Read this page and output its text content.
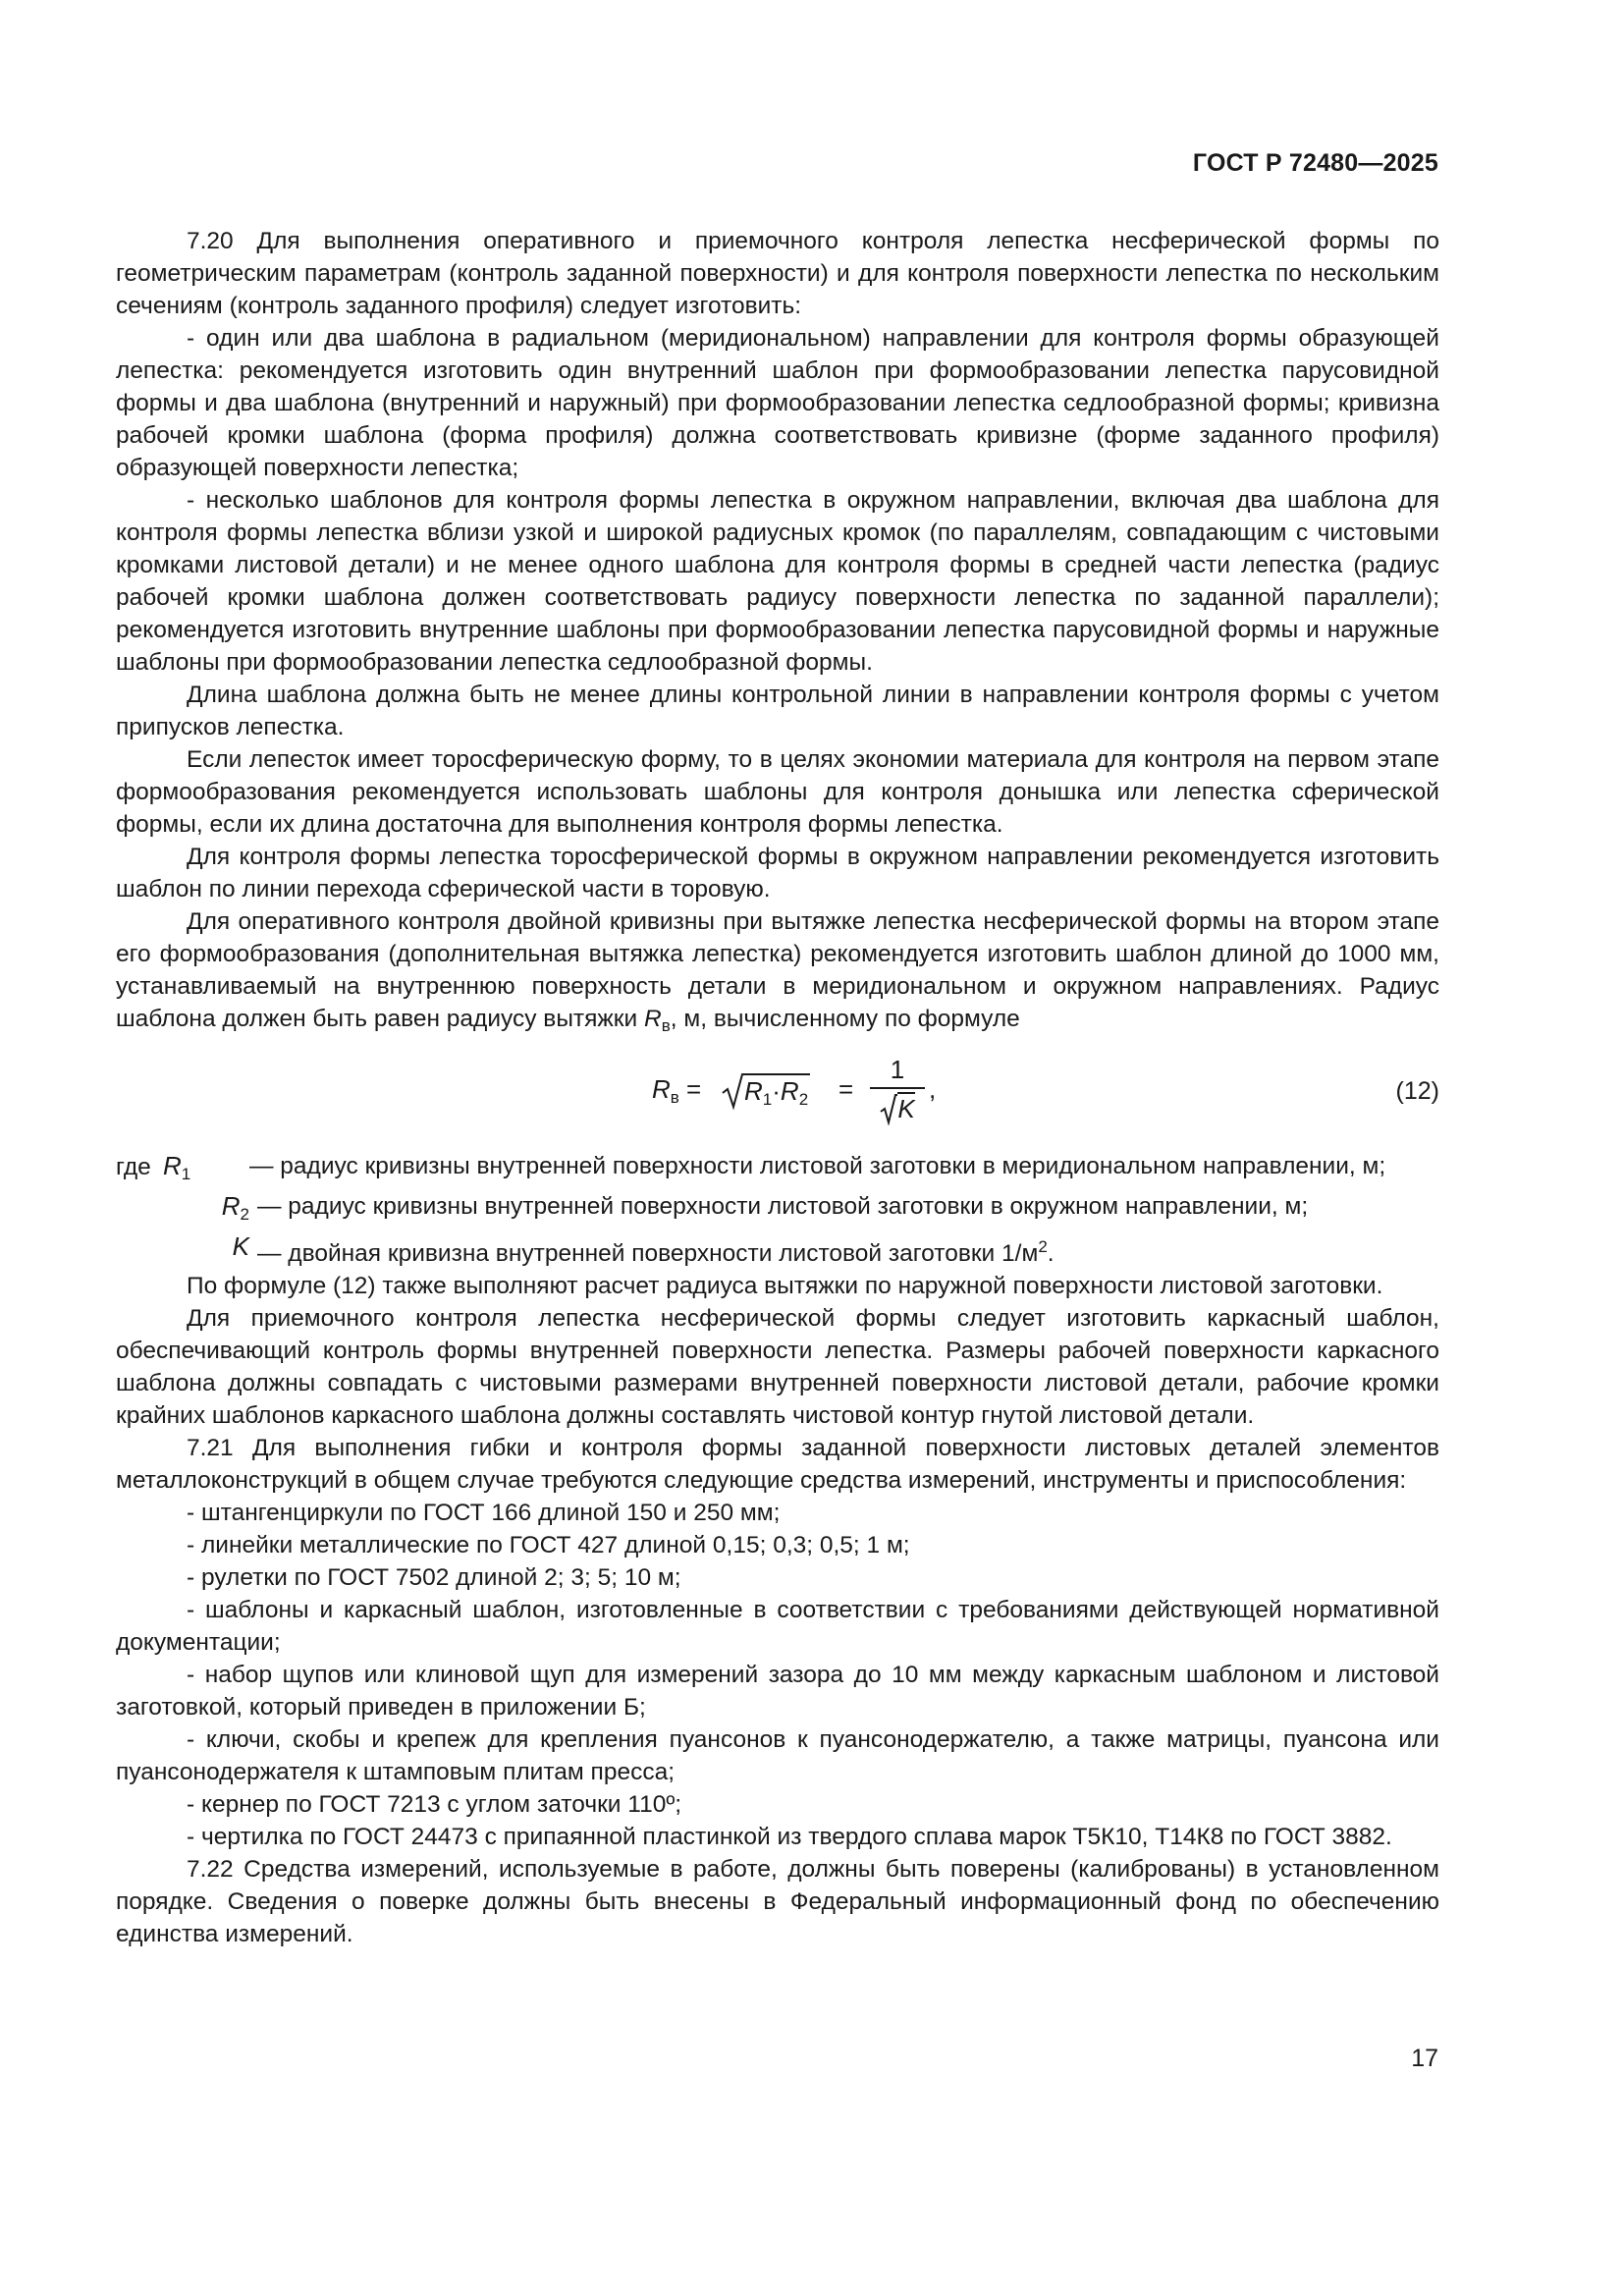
ГОСТ Р 72480—2025

7.20 Для выполнения оперативного и приемочного контроля лепестка несферической формы по геометрическим параметрам (контроль заданной поверхности) и для контроля поверхности лепестка по нескольким сечениям (контроль заданного профиля) следует изготовить:

- один или два шаблона в радиальном (меридиональном) направлении для контроля формы образующей лепестка: рекомендуется изготовить один внутренний шаблон при формообразовании лепестка парусовидной формы и два шаблона (внутренний и наружный) при формообразовании лепестка седлообразной формы; кривизна рабочей кромки шаблона (форма профиля) должна соответствовать кривизне (форме заданного профиля) образующей поверхности лепестка;

- несколько шаблонов для контроля формы лепестка в окружном направлении, включая два шаблона для контроля формы лепестка вблизи узкой и широкой радиусных кромок (по параллелям, совпадающим с чистовыми кромками листовой детали) и не менее одного шаблона для контроля формы в средней части лепестка (радиус рабочей кромки шаблона должен соответствовать радиусу поверхности лепестка по заданной параллели); рекомендуется изготовить внутренние шаблоны при формообразовании лепестка парусовидной формы и наружные шаблоны при формообразовании лепестка седлообразной формы.

Длина шаблона должна быть не менее длины контрольной линии в направлении контроля формы с учетом припусков лепестка.

Если лепесток имеет торосферическую форму, то в целях экономии материала для контроля на первом этапе формообразования рекомендуется использовать шаблоны для контроля донышка или лепестка сферической формы, если их длина достаточна для выполнения контроля формы лепестка.

Для контроля формы лепестка торосферической формы в окружном направлении рекомендуется изготовить шаблон по линии перехода сферической части в торовую.

Для оперативного контроля двойной кривизны при вытяжке лепестка несферической формы на втором этапе его формообразования (дополнительная вытяжка лепестка) рекомендуется изготовить шаблон длиной до 1000 мм, устанавливаемый на внутреннюю поверхность детали в меридиональном и окружном направлениях. Радиус шаблона должен быть равен радиусу вытяжки $R_в$, м, вычисленному по формуле

$R_в = R_1\cdot R_2$ =
1
K
,	(12)
где $R_1$	— радиус кривизны внутренней поверхности листовой заготовки в меридиональном направлении, м;
$R_2$ — радиус кривизны внутренней поверхности листовой заготовки в окружном направлении, м;
K — двойная кривизна внутренней поверхности листовой заготовки $1/м^2$.

По формуле (12) также выполняют расчет радиуса вытяжки по наружной поверхности листовой заготовки.

Для приемочного контроля лепестка несферической формы следует изготовить каркасный шаблон, обеспечивающий контроль формы внутренней поверхности лепестка. Размеры рабочей поверхности каркасного шаблона должны совпадать с чистовыми размерами внутренней поверхности листовой детали, рабочие кромки крайних шаблонов каркасного шаблона должны составлять чистовой контур гнутой листовой детали.

7.21 Для выполнения гибки и контроля формы заданной поверхности листовых деталей элементов металлоконструкций в общем случае требуются следующие средства измерений, инструменты и приспособления:

- штангенциркули по ГОСТ 166 длиной 150 и 250 мм;

- линейки металлические по ГОСТ 427 длиной 0,15; 0,3; 0,5; 1 м;

- рулетки по ГОСТ 7502 длиной 2; 3; 5; 10 м;

- шаблоны и каркасный шаблон, изготовленные в соответствии с требованиями действующей нормативной документации;

- набор щупов или клиновой щуп для измерений зазора до 10 мм между каркасным шаблоном и листовой заготовкой, который приведен в приложении Б;

- ключи, скобы и крепеж для крепления пуансонов к пуансонодержателю, а также матрицы, пуансона или пуансонодержателя к штамповым плитам пресса;

- кернер по ГОСТ 7213 с углом заточки 110º;

- чертилка по ГОСТ 24473 с припаянной пластинкой из твердого сплава марок Т5К10, Т14К8 по ГОСТ 3882.

7.22 Средства измерений, используемые в работе, должны быть поверены (калиброваны) в установленном порядке. Сведения о поверке должны быть внесены в Федеральный информационный фонд по обеспечению единства измерений.

17
